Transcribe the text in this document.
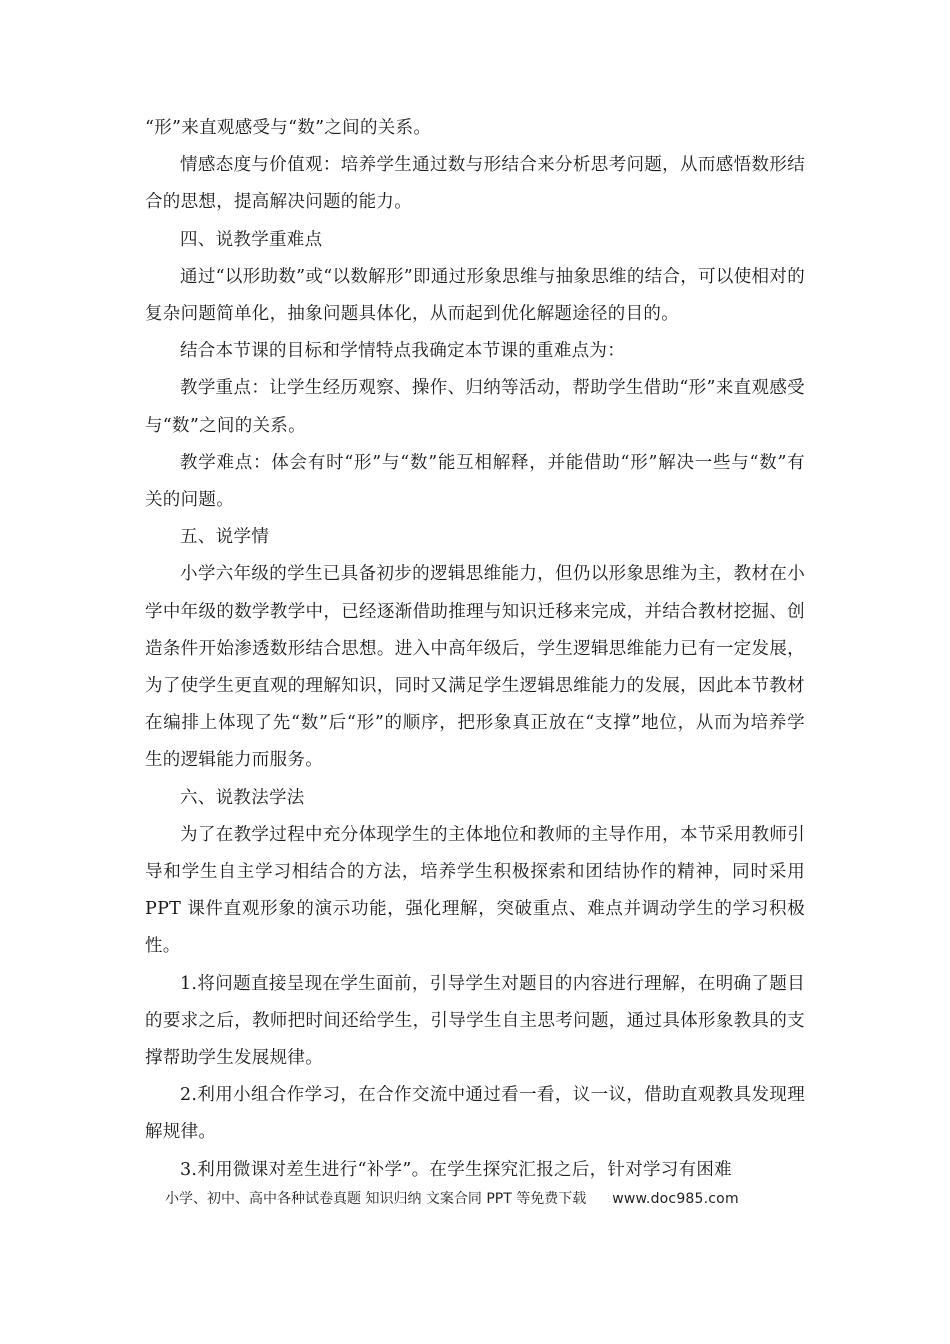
“形”来直观感受与“数”之间的关系。

情感态度与价值观：培养学生通过数与形结合来分析思考问题，从而感悟数形结合的思想，提高解决问题的能力。

四、说教学重难点

通过“以形助数”或“以数解形”即通过形象思维与抽象思维的结合，可以使相对的复杂问题简单化，抽象问题具体化，从而起到优化解题途径的目的。

结合本节课的目标和学情特点我确定本节课的重难点为：

教学重点：让学生经历观察、操作、归纳等活动，帮助学生借助“形”来直观感受与“数”之间的关系。

教学难点：体会有时“形”与“数”能互相解释，并能借助“形”解决一些与“数”有关的问题。

五、说学情

小学六年级的学生已具备初步的逻辑思维能力，但仍以形象思维为主，教材在小学中年级的数学教学中，已经逐渐借助推理与知识迁移来完成，并结合教材挖掘、创造条件开始渗透数形结合思想。进入中高年级后，学生逻辑思维能力已有一定发展，为了使学生更直观的理解知识，同时又满足学生逻辑思维能力的发展，因此本节教材在编排上体现了先“数”后“形”的顺序，把形象真正放在“支撑”地位，从而为培养学生的逻辑能力而服务。

六、说教法学法

为了在教学过程中充分体现学生的主体地位和教师的主导作用，本节采用教师引导和学生自主学习相结合的方法，培养学生积极探索和团结协作的精神，同时采用 PPT 课件直观形象的演示功能，强化理解，突破重点、难点并调动学生的学习积极性。

1.将问题直接呈现在学生面前，引导学生对题目的内容进行理解，在明确了题目的要求之后，教师把时间还给学生，引导学生自主思考问题，通过具体形象教具的支撑帮助学生发展规律。

2.利用小组合作学习，在合作交流中通过看一看，议一议，借助直观教具发现理解规律。

3.利用微课对差生进行“补学”。在学生探究汇报之后，针对学习有困难

小学、初中、高中各种试卷真题 知识归纳 文案合同 PPT 等免费下载 www.doc985.com
